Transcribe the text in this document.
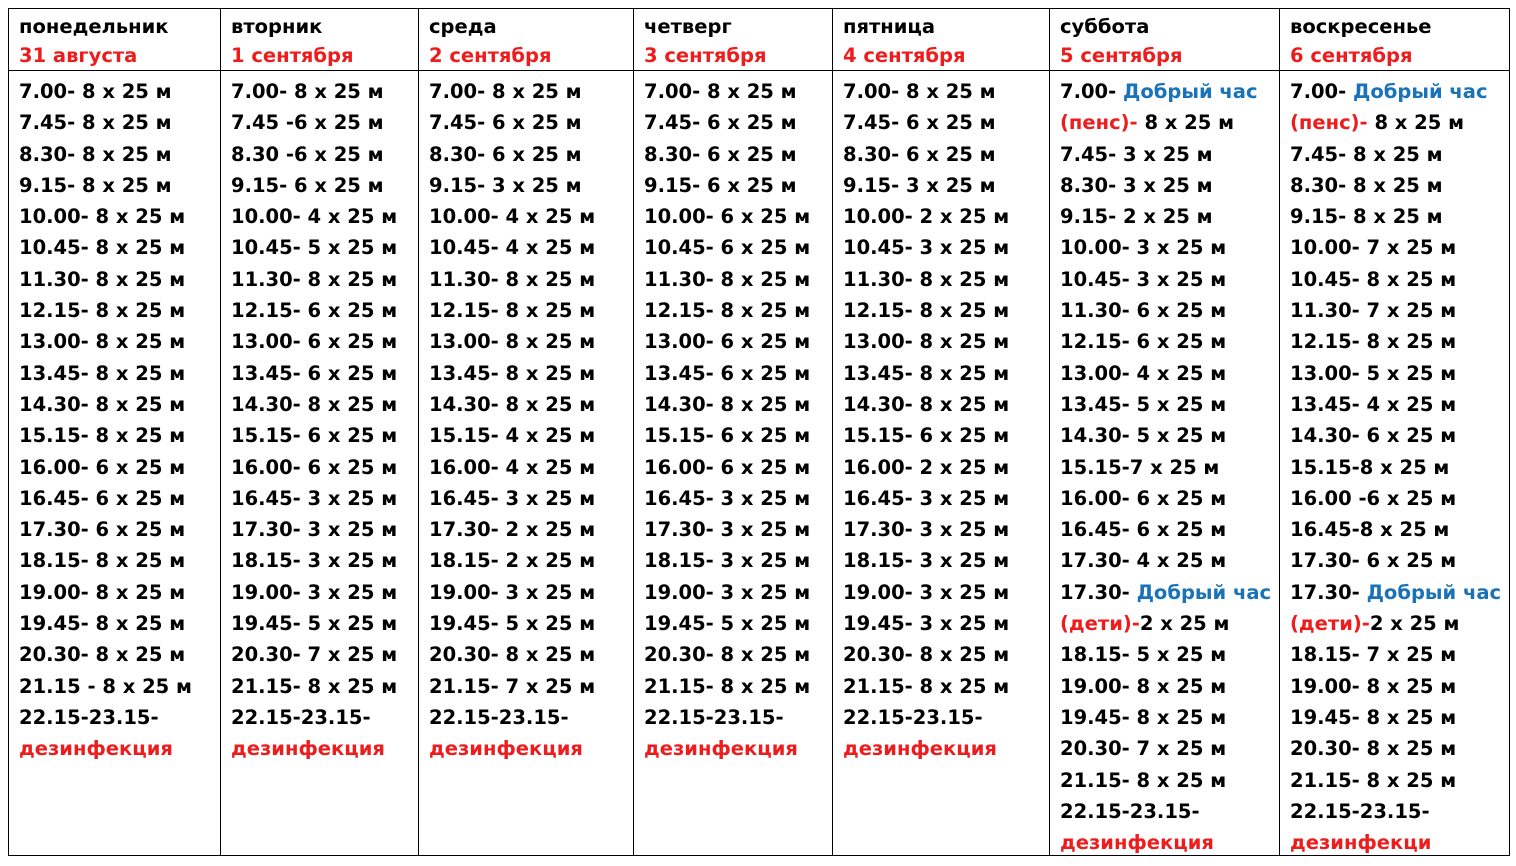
понедельник
31 августа
7.00- 8 х 25 м
7.45- 8 х 25 м
8.30- 8 х 25 м
9.15- 8 х 25 м
10.00- 8 х 25 м
10.45- 8 х 25 м
11.30- 8 х 25 м
12.15- 8 х 25 м
13.00- 8 х 25 м
13.45- 8 х 25 м
14.30- 8 х 25 м
15.15- 8 х 25 м
16.00- 6 х 25 м
16.45- 6 х 25 м
17.30- 6 х 25 м
18.15- 8 х 25 м
19.00- 8 х 25 м
19.45- 8 х 25 м
20.30- 8 х 25 м
21.15 - 8 х 25 м
22.15-23.15-
дезинфекция
вторник
1 сентября
7.00- 8 х 25 м
7.45 -6 х 25 м
8.30 -6 х 25 м
9.15- 6 х 25 м
10.00- 4 х 25 м
10.45- 5 х 25 м
11.30- 8 х 25 м
12.15- 6 х 25 м
13.00- 6 х 25 м
13.45- 6 х 25 м
14.30- 8 х 25 м
15.15- 6 х 25 м
16.00- 6 х 25 м
16.45- 3 х 25 м
17.30- 3 х 25 м
18.15- 3 х 25 м
19.00- 3 х 25 м
19.45- 5 х 25 м
20.30- 7 х 25 м
21.15- 8 х 25 м
22.15-23.15-
дезинфекция
среда
2 сентября
7.00- 8 х 25 м
7.45- 6 х 25 м
8.30- 6 х 25 м
9.15- 3 х 25 м
10.00- 4 х 25 м
10.45- 4 х 25 м
11.30- 8 х 25 м
12.15- 8 х 25 м
13.00- 8 х 25 м
13.45- 8 х 25 м
14.30- 8 х 25 м
15.15- 4 х 25 м
16.00- 4 х 25 м
16.45- 3 х 25 м
17.30- 2 х 25 м
18.15- 2 х 25 м
19.00- 3 х 25 м
19.45- 5 х 25 м
20.30- 8 х 25 м
21.15- 7 х 25 м
22.15-23.15-
дезинфекция
четверг
3 сентября
7.00- 8 х 25 м
7.45- 6 х 25 м
8.30- 6 х 25 м
9.15- 6 х 25 м
10.00- 6 х 25 м
10.45- 6 х 25 м
11.30- 8 х 25 м
12.15- 8 х 25 м
13.00- 6 х 25 м
13.45- 6 х 25 м
14.30- 8 х 25 м
15.15- 6 х 25 м
16.00- 6 х 25 м
16.45- 3 х 25 м
17.30- 3 х 25 м
18.15- 3 х 25 м
19.00- 3 х 25 м
19.45- 5 х 25 м
20.30- 8 х 25 м
21.15- 8 х 25 м
22.15-23.15-
дезинфекция
пятница
4 сентября
7.00- 8 х 25 м
7.45- 6 х 25 м
8.30- 6 х 25 м
9.15- 3 х 25 м
10.00- 2 х 25 м
10.45- 3 х 25 м
11.30- 8 х 25 м
12.15- 8 х 25 м
13.00- 8 х 25 м
13.45- 8 х 25 м
14.30- 8 х 25 м
15.15- 6 х 25 м
16.00- 2 х 25 м
16.45- 3 х 25 м
17.30- 3 х 25 м
18.15- 3 х 25 м
19.00- 3 х 25 м
19.45- 3 х 25 м
20.30- 8 х 25 м
21.15- 8 х 25 м
22.15-23.15-
дезинфекция
суббота
5 сентября
7.00- Добрый час
(пенс)- 8 х 25 м
7.45- 3 х 25 м
8.30- 3 х 25 м
9.15- 2 х 25 м
10.00- 3 х 25 м
10.45- 3 х 25 м
11.30- 6 х 25 м
12.15- 6 х 25 м
13.00- 4 х 25 м
13.45- 5 х 25 м
14.30- 5 х 25 м
15.15-7 х 25 м
16.00- 6 х 25 м
16.45- 6 х 25 м
17.30- 4 х 25 м
17.30- Добрый час
(дети)-2 х 25 м
18.15- 5 х 25 м
19.00- 8 х 25 м
19.45- 8 х 25 м
20.30- 7 х 25 м
21.15- 8 х 25 м
22.15-23.15-
дезинфекция
воскресенье
6 сентября
7.00- Добрый час
(пенс)- 8 х 25 м
7.45- 8 х 25 м
8.30- 8 х 25 м
9.15- 8 х 25 м
10.00- 7 х 25 м
10.45- 8 х 25 м
11.30- 7 х 25 м
12.15- 8 х 25 м
13.00- 5 х 25 м
13.45- 4 х 25 м
14.30- 6 х 25 м
15.15-8 х 25 м
16.00 -6 х 25 м
16.45-8 х 25 м
17.30- 6 х 25 м
17.30- Добрый час
(дети)-2 х 25 м
18.15- 7 х 25 м
19.00- 8 х 25 м
19.45- 8 х 25 м
20.30- 8 х 25 м
21.15- 8 х 25 м
22.15-23.15-
дезинфекци
